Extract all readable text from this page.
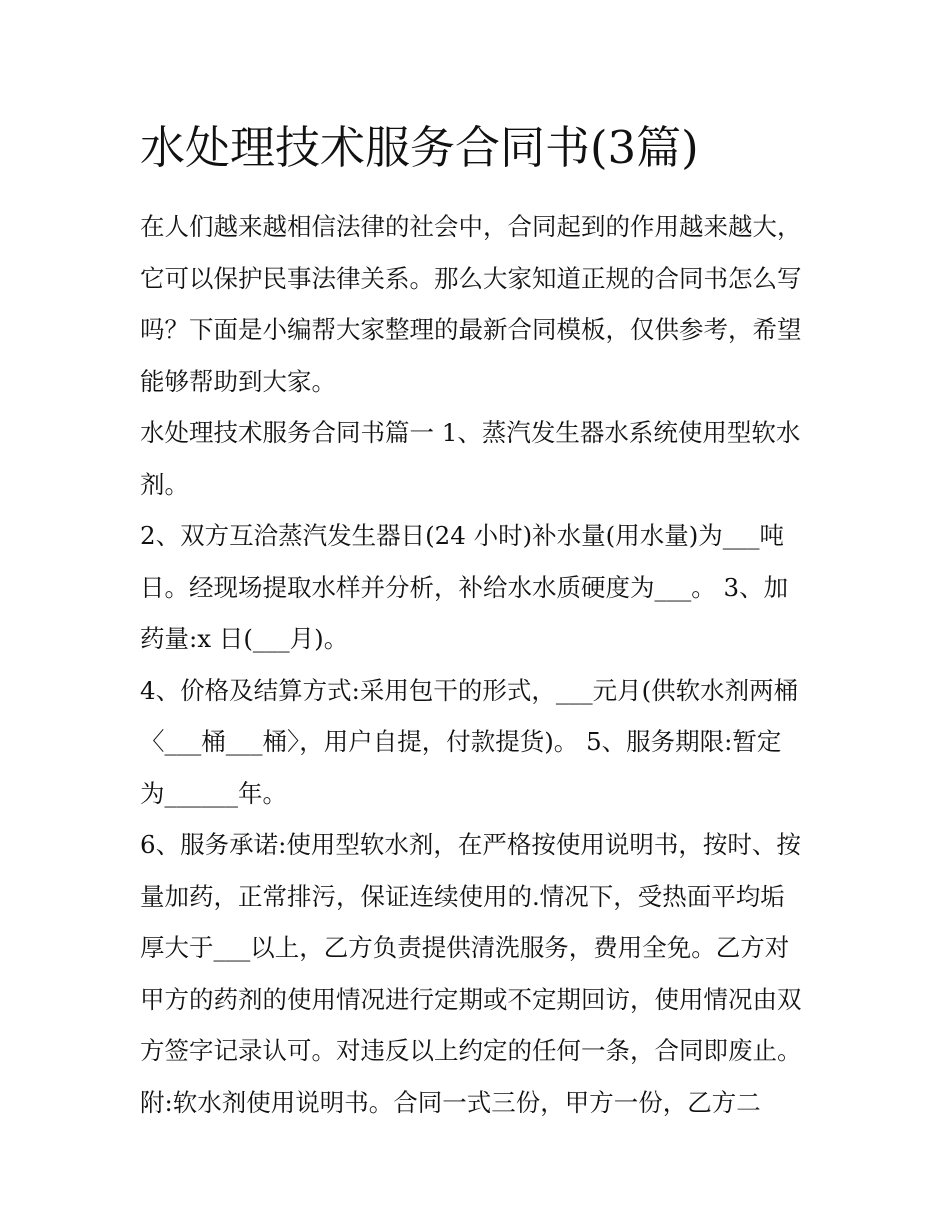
水处理技术服务合同书(3篇)
在人们越来越相信法律的社会中，合同起到的作用越来越大，
它可以保护民事法律关系。那么大家知道正规的合同书怎么写
吗？下面是小编帮大家整理的最新合同模板，仅供参考，希望
能够帮助到大家。
水处理技术服务合同书篇一 1、蒸汽发生器水系统使用型软水
剂。
2、双方互洽蒸汽发生器日(24 小时)补水量(用水量)为___吨
日。经现场提取水样并分析，补给水水质硬度为___。 3、加
药量:x 日(___月)。
4、价格及结算方式:采用包干的形式，___元月(供软水剂两桶
〈___桶___桶〉，用户自提，付款提货)。 5、服务期限:暂定
为______年。
6、服务承诺:使用型软水剂，在严格按使用说明书，按时、按
量加药，正常排污，保证连续使用的.情况下，受热面平均垢
厚大于___以上，乙方负责提供清洗服务，费用全免。乙方对
甲方的药剂的使用情况进行定期或不定期回访，使用情况由双
方签字记录认可。对违反以上约定的任何一条，合同即废止。
附:软水剂使用说明书。合同一式三份，甲方一份，乙方二
